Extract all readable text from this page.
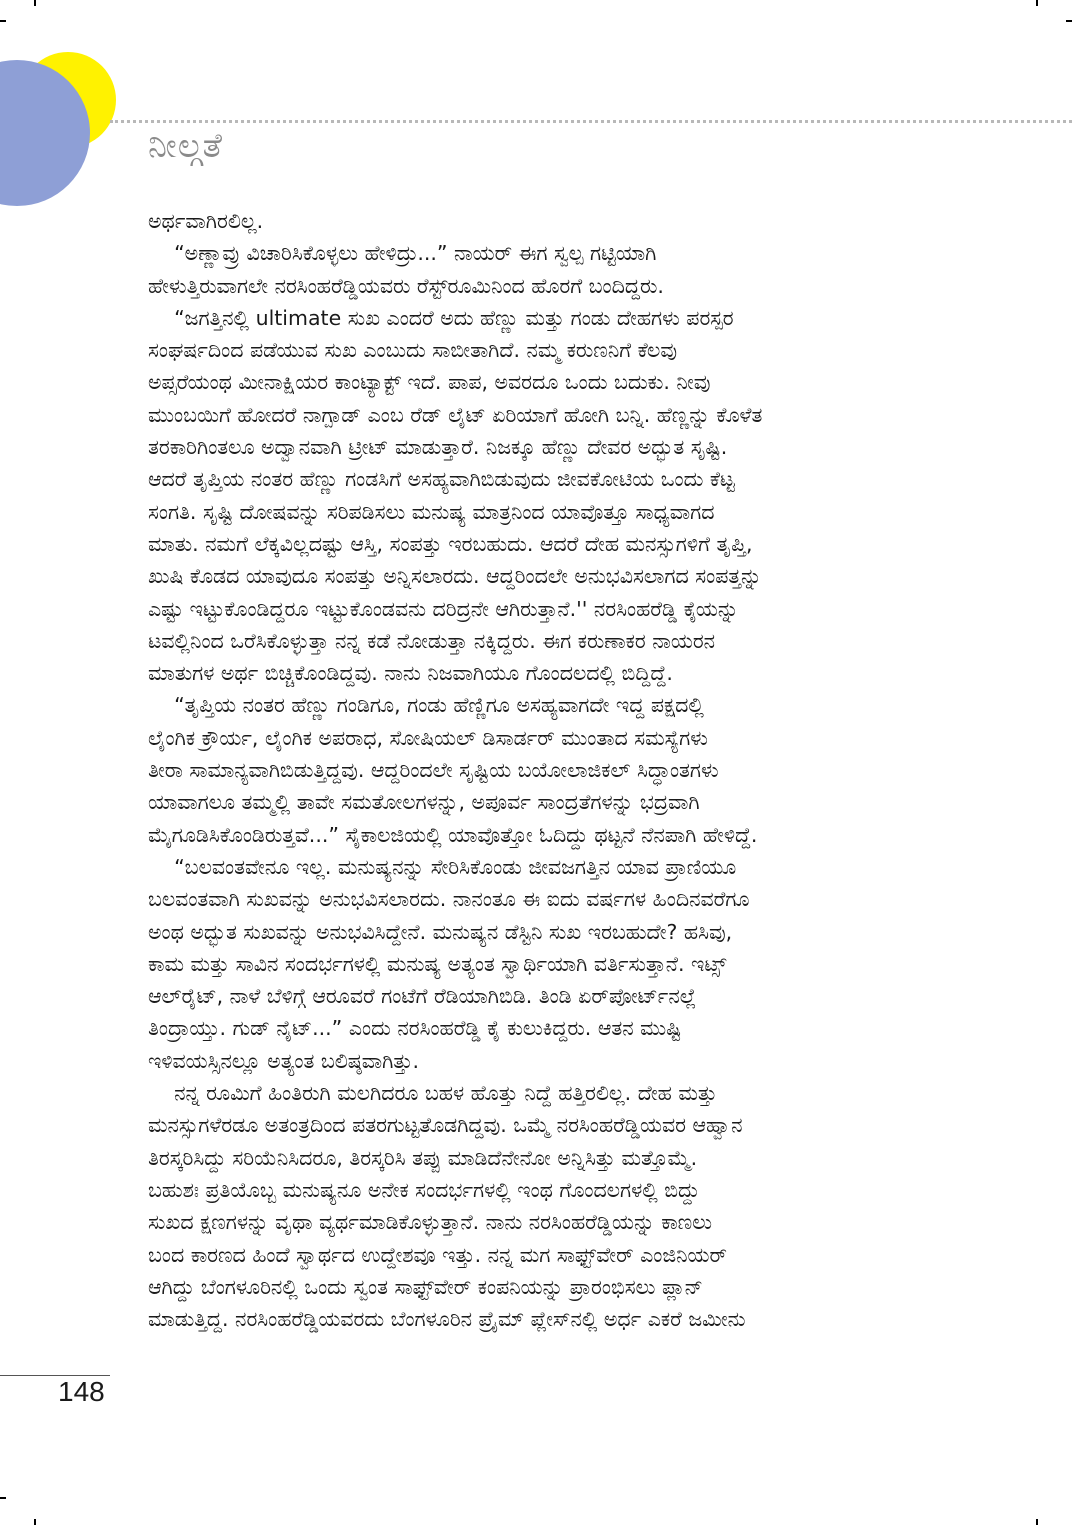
ನೀಲ್ಗತೆ
ಅರ್ಥವಾಗಿರಲಿಲ್ಲ.
“ಅಣ್ಣಾವ್ರು ವಿಚಾರಿಸಿಕೊಳ್ಳಲು ಹೇಳಿದ್ರು...” ನಾಯರ್ ಈಗ ಸ್ವಲ್ಪ ಗಟ್ಟಿಯಾಗಿ
ಹೇಳುತ್ತಿರುವಾಗಲೇ ನರಸಿಂಹರೆಡ್ಡಿಯವರು ರೆಸ್ಟ್‌ರೂಮಿನಿಂದ ಹೊರಗೆ ಬಂದಿದ್ದರು.
“ಜಗತ್ತಿನಲ್ಲಿ ultimate ಸುಖ ಎಂದರೆ ಅದು ಹೆಣ್ಣು ಮತ್ತು ಗಂಡು ದೇಹಗಳು ಪರಸ್ಪರ
ಸಂಘರ್ಷದಿಂದ ಪಡೆಯುವ ಸುಖ ಎಂಬುದು ಸಾಬೀತಾಗಿದೆ. ನಮ್ಮ ಕರುಣನಿಗೆ ಕೆಲವು
ಅಪ್ಸರೆಯಂಥ ಮೀನಾಕ್ಷಿಯರ ಕಾಂಟ್ಯಾಕ್ಟ್ ಇದೆ. ಪಾಪ, ಅವರದೂ ಒಂದು ಬದುಕು. ನೀವು
ಮುಂಬಯಿಗೆ ಹೋದರೆ ನಾಗ್ಪಾಡ್ ಎಂಬ ರೆಡ್ ಲೈಟ್ ಏರಿಯಾಗೆ ಹೋಗಿ ಬನ್ನಿ. ಹೆಣ್ಣನ್ನು ಕೊಳೆತ
ತರಕಾರಿಗಿಂತಲೂ ಅದ್ವಾನವಾಗಿ ಟ್ರೀಟ್ ಮಾಡುತ್ತಾರೆ. ನಿಜಕ್ಕೂ ಹೆಣ್ಣು ದೇವರ ಅದ್ಭುತ ಸೃಷ್ಟಿ.
ಆದರೆ ತೃಪ್ತಿಯ ನಂತರ ಹೆಣ್ಣು ಗಂಡಸಿಗೆ ಅಸಹ್ಯವಾಗಿಬಿಡುವುದು ಜೀವಕೋಟಿಯ ಒಂದು ಕೆಟ್ಟ
ಸಂಗತಿ. ಸೃಷ್ಟಿ ದೋಷವನ್ನು ಸರಿಪಡಿಸಲು ಮನುಷ್ಯ ಮಾತ್ರನಿಂದ ಯಾವೊತ್ತೂ ಸಾಧ್ಯವಾಗದ
ಮಾತು. ನಮಗೆ ಲೆಕ್ಕವಿಲ್ಲದಷ್ಟು ಆಸ್ತಿ, ಸಂಪತ್ತು ಇರಬಹುದು. ಆದರೆ ದೇಹ ಮನಸ್ಸುಗಳಿಗೆ ತೃಪ್ತಿ,
ಖುಷಿ ಕೊಡದ ಯಾವುದೂ ಸಂಪತ್ತು ಅನ್ನಿಸಲಾರದು. ಆದ್ದರಿಂದಲೇ ಅನುಭವಿಸಲಾಗದ ಸಂಪತ್ತನ್ನು
ಎಷ್ಟು ಇಟ್ಟುಕೊಂಡಿದ್ದರೂ ಇಟ್ಟುಕೊಂಡವನು ದರಿದ್ರನೇ ಆಗಿರುತ್ತಾನೆ.'' ನರಸಿಂಹರೆಡ್ಡಿ ಕೈಯನ್ನು
ಟವಲ್ಲಿನಿಂದ ಒರೆಸಿಕೊಳ್ಳುತ್ತಾ ನನ್ನ ಕಡೆ ನೋಡುತ್ತಾ ನಕ್ಕಿದ್ದರು. ಈಗ ಕರುಣಾಕರ ನಾಯರನ
ಮಾತುಗಳ ಅರ್ಥ ಬಿಚ್ಚಿಕೊಂಡಿದ್ದವು. ನಾನು ನಿಜವಾಗಿಯೂ ಗೊಂದಲದಲ್ಲಿ ಬಿದ್ದಿದ್ದೆ.
“ತೃಪ್ತಿಯ ನಂತರ ಹೆಣ್ಣು ಗಂಡಿಗೂ, ಗಂಡು ಹೆಣ್ಣಿಗೂ ಅಸಹ್ಯವಾಗದೇ ಇದ್ದ ಪಕ್ಷದಲ್ಲಿ
ಲೈಂಗಿಕ ಕ್ರೌರ್ಯ, ಲೈಂಗಿಕ ಅಪರಾಧ, ಸೋಷಿಯಲ್ ಡಿಸಾರ್ಡರ್ ಮುಂತಾದ ಸಮಸ್ಯೆಗಳು
ತೀರಾ ಸಾಮಾನ್ಯವಾಗಿಬಿಡುತ್ತಿದ್ದವು. ಆದ್ದರಿಂದಲೇ ಸೃಷ್ಟಿಯ ಬಯೋಲಾಜಿಕಲ್ ಸಿದ್ಧಾಂತಗಳು
ಯಾವಾಗಲೂ ತಮ್ಮಲ್ಲಿ ತಾವೇ ಸಮತೋಲಗಳನ್ನು, ಅಪೂರ್ವ ಸಾಂದ್ರತೆಗಳನ್ನು ಭದ್ರವಾಗಿ
ಮೈಗೂಡಿಸಿಕೊಂಡಿರುತ್ತವೆ...” ಸೈಕಾಲಜಿಯಲ್ಲಿ ಯಾವೊತ್ತೋ ಓದಿದ್ದು ಥಟ್ಟನೆ ನೆನಪಾಗಿ ಹೇಳಿದ್ದೆ.
“ಬಲವಂತವೇನೂ ಇಲ್ಲ. ಮನುಷ್ಯನನ್ನು ಸೇರಿಸಿಕೊಂಡು ಜೀವಜಗತ್ತಿನ ಯಾವ ಪ್ರಾಣಿಯೂ
ಬಲವಂತವಾಗಿ ಸುಖವನ್ನು ಅನುಭವಿಸಲಾರದು. ನಾನಂತೂ ಈ ಐದು ವರ್ಷಗಳ ಹಿಂದಿನವರೆಗೂ
ಅಂಥ ಅದ್ಭುತ ಸುಖವನ್ನು ಅನುಭವಿಸಿದ್ದೇನೆ. ಮನುಷ್ಯನ ಡೆಸ್ಟಿನಿ ಸುಖ ಇರಬಹುದೇ? ಹಸಿವು,
ಕಾಮ ಮತ್ತು ಸಾವಿನ ಸಂದರ್ಭಗಳಲ್ಲಿ ಮನುಷ್ಯ ಅತ್ಯಂತ ಸ್ವಾರ್ಥಿಯಾಗಿ ವರ್ತಿಸುತ್ತಾನೆ. ಇಟ್ಸ್
ಆಲ್‌ರೈಟ್, ನಾಳೆ ಬೆಳಿಗ್ಗೆ ಆರೂವರೆ ಗಂಟೆಗೆ ರೆಡಿಯಾಗಿಬಿಡಿ. ತಿಂಡಿ ಏರ್‌ಪೋರ್ಟ್‌ನಲ್ಲೆ
ತಿಂದ್ರಾಯ್ತು. ಗುಡ್ ನೈಟ್...” ಎಂದು ನರಸಿಂಹರೆಡ್ಡಿ ಕೈ ಕುಲುಕಿದ್ದರು. ಆತನ ಮುಷ್ಟಿ
ಇಳಿವಯಸ್ಸಿನಲ್ಲೂ ಅತ್ಯಂತ ಬಲಿಷ್ಠವಾಗಿತ್ತು.
ನನ್ನ ರೂಮಿಗೆ ಹಿಂತಿರುಗಿ ಮಲಗಿದರೂ ಬಹಳ ಹೊತ್ತು ನಿದ್ದೆ ಹತ್ತಿರಲಿಲ್ಲ. ದೇಹ ಮತ್ತು
ಮನಸ್ಸುಗಳೆರಡೂ ಅತಂತ್ರದಿಂದ ಪತರಗುಟ್ಟತೊಡಗಿದ್ದವು. ಒಮ್ಮೆ ನರಸಿಂಹರೆಡ್ಡಿಯವರ ಆಹ್ವಾನ
ತಿರಸ್ಕರಿಸಿದ್ದು ಸರಿಯೆನಿಸಿದರೂ, ತಿರಸ್ಕರಿಸಿ ತಪ್ಪು ಮಾಡಿದೆನೇನೋ ಅನ್ನಿಸಿತ್ತು ಮತ್ತೊಮ್ಮೆ.
ಬಹುಶಃ ಪ್ರತಿಯೊಬ್ಬ ಮನುಷ್ಯನೂ ಅನೇಕ ಸಂದರ್ಭಗಳಲ್ಲಿ ಇಂಥ ಗೊಂದಲಗಳಲ್ಲಿ ಬಿದ್ದು
ಸುಖದ ಕ್ಷಣಗಳನ್ನು ವೃಥಾ ವ್ಯರ್ಥಮಾಡಿಕೊಳ್ಳುತ್ತಾನೆ. ನಾನು ನರಸಿಂಹರೆಡ್ಡಿಯನ್ನು ಕಾಣಲು
ಬಂದ ಕಾರಣದ ಹಿಂದೆ ಸ್ವಾರ್ಥದ ಉದ್ದೇಶವೂ ಇತ್ತು. ನನ್ನ ಮಗ ಸಾಫ್ಟ್‌ವೇರ್ ಎಂಜಿನಿಯರ್
ಆಗಿದ್ದು ಬೆಂಗಳೂರಿನಲ್ಲಿ ಒಂದು ಸ್ವಂತ ಸಾಫ್ಟ್‌ವೇರ್ ಕಂಪನಿಯನ್ನು ಪ್ರಾರಂಭಿಸಲು ಪ್ಲಾನ್
ಮಾಡುತ್ತಿದ್ದ. ನರಸಿಂಹರೆಡ್ಡಿಯವರದು ಬೆಂಗಳೂರಿನ ಪ್ರೈಮ್ ಪ್ಲೇಸ್‌ನಲ್ಲಿ ಅರ್ಧ ಎಕರೆ ಜಮೀನು
148
